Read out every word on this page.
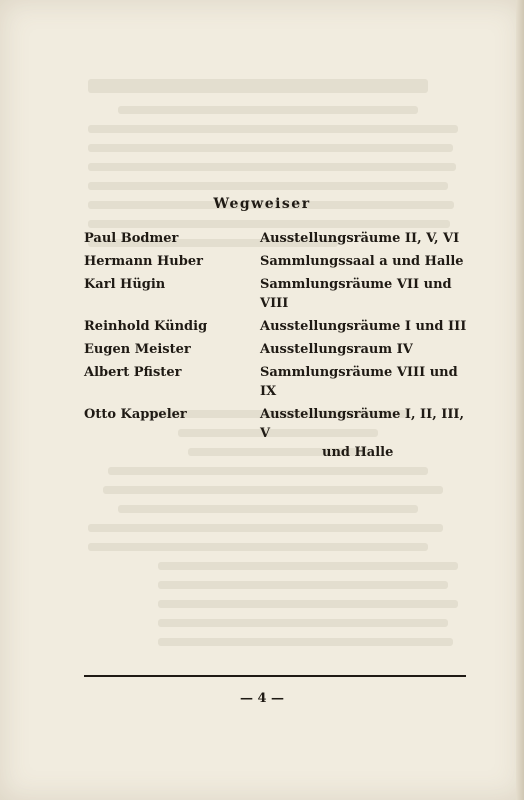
Wegweiser
Paul Bodmer	Ausstellungsräume II, V, VI
Hermann Huber	Sammlungssaal a und Halle
Karl Hügin	Sammlungsräume VII und VIII
Reinhold Kündig	Ausstellungsräume I und III
Eugen Meister	Ausstellungsraum IV
Albert Pfister	Sammlungsräume VIII und IX
Otto Kappeler	Ausstellungsräume I, II, III, V
und Halle
— 4 —
